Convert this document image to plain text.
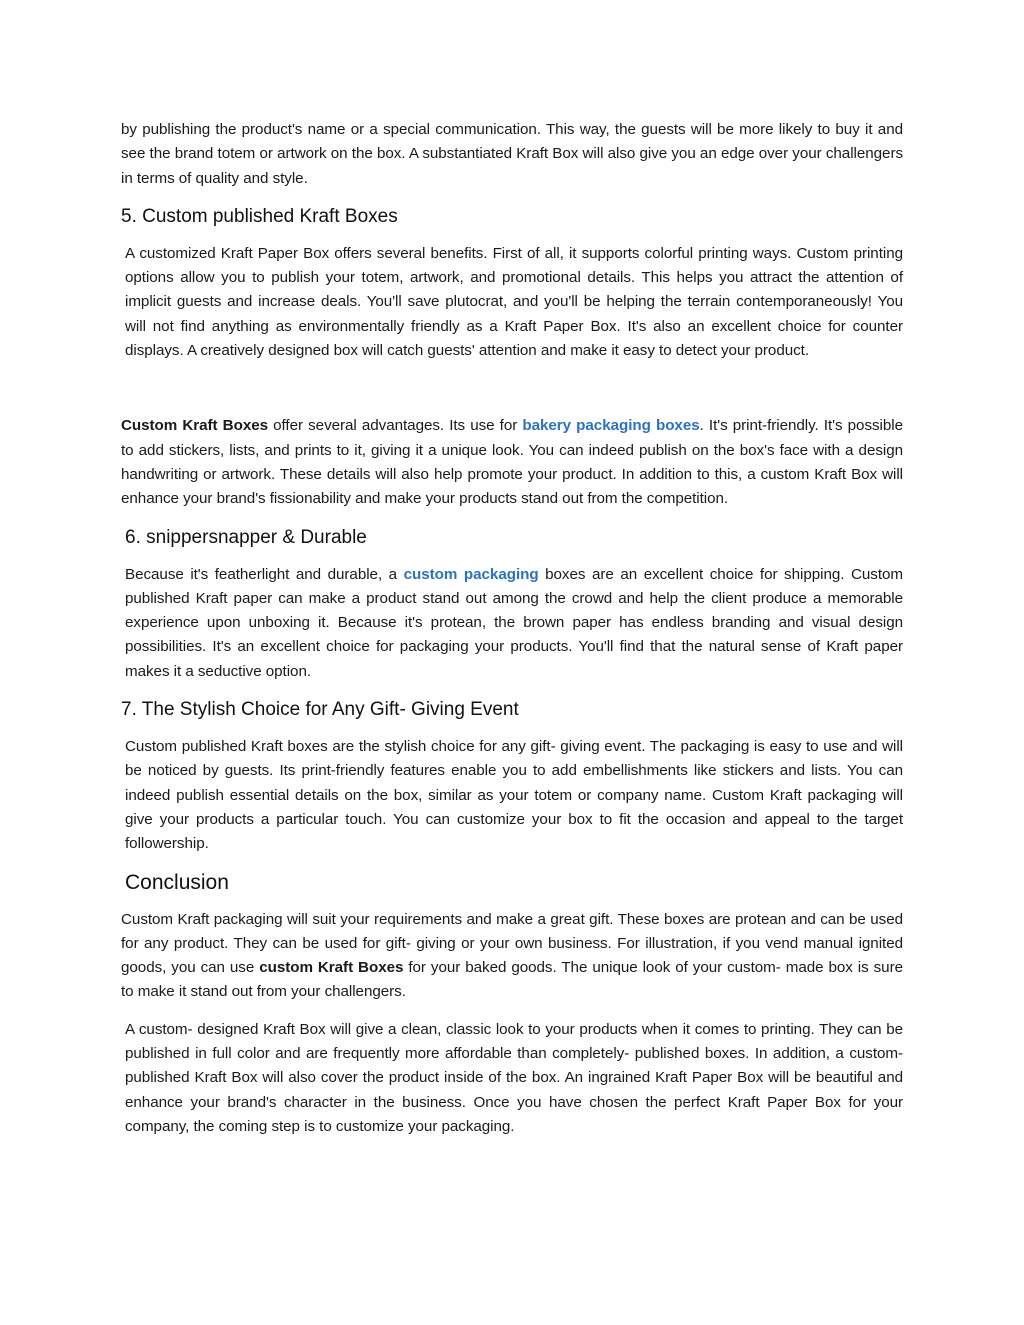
by publishing the product's name or a special communication. This way, the guests will be more likely to buy it and see the brand totem or artwork on the box. A substantiated Kraft Box will also give you an edge over your challengers in terms of quality and style.

5. Custom published Kraft Boxes

A customized Kraft Paper Box offers several benefits. First of all, it supports colorful printing ways. Custom printing options allow you to publish your totem, artwork, and promotional details. This helps you attract the attention of implicit guests and increase deals. You'll save plutocrat, and you'll be helping the terrain contemporaneously! You will not find anything as environmentally friendly as a Kraft Paper Box. It's also an excellent choice for counter displays. A creatively designed box will catch guests' attention and make it easy to detect your product.

Custom Kraft Boxes offer several advantages. Its use for bakery packaging boxes. It's print-friendly. It's possible to add stickers, lists, and prints to it, giving it a unique look. You can indeed publish on the box's face with a design handwriting or artwork. These details will also help promote your product. In addition to this, a custom Kraft Box will enhance your brand's fissionability and make your products stand out from the competition.

6. snippersnapper & Durable

Because it's featherlight and durable, a custom packaging boxes are an excellent choice for shipping. Custom published Kraft paper can make a product stand out among the crowd and help the client produce a memorable experience upon unboxing it. Because it's protean, the brown paper has endless branding and visual design possibilities. It's an excellent choice for packaging your products. You'll find that the natural sense of Kraft paper makes it a seductive option.

7. The Stylish Choice for Any Gift- Giving Event

Custom published Kraft boxes are the stylish choice for any gift- giving event. The packaging is easy to use and will be noticed by guests. Its print-friendly features enable you to add embellishments like stickers and lists. You can indeed publish essential details on the box, similar as your totem or company name. Custom Kraft packaging will give your products a particular touch. You can customize your box to fit the occasion and appeal to the target followership.

Conclusion

Custom Kraft packaging will suit your requirements and make a great gift. These boxes are protean and can be used for any product. They can be used for gift- giving or your own business. For illustration, if you vend manual ignited goods, you can use custom Kraft Boxes for your baked goods. The unique look of your custom- made box is sure to make it stand out from your challengers.

A custom- designed Kraft Box will give a clean, classic look to your products when it comes to printing. They can be published in full color and are frequently more affordable than completely- published boxes. In addition, a custom- published Kraft Box will also cover the product inside of the box. An ingrained Kraft Paper Box will be beautiful and enhance your brand's character in the business. Once you have chosen the perfect Kraft Paper Box for your company, the coming step is to customize your packaging.
